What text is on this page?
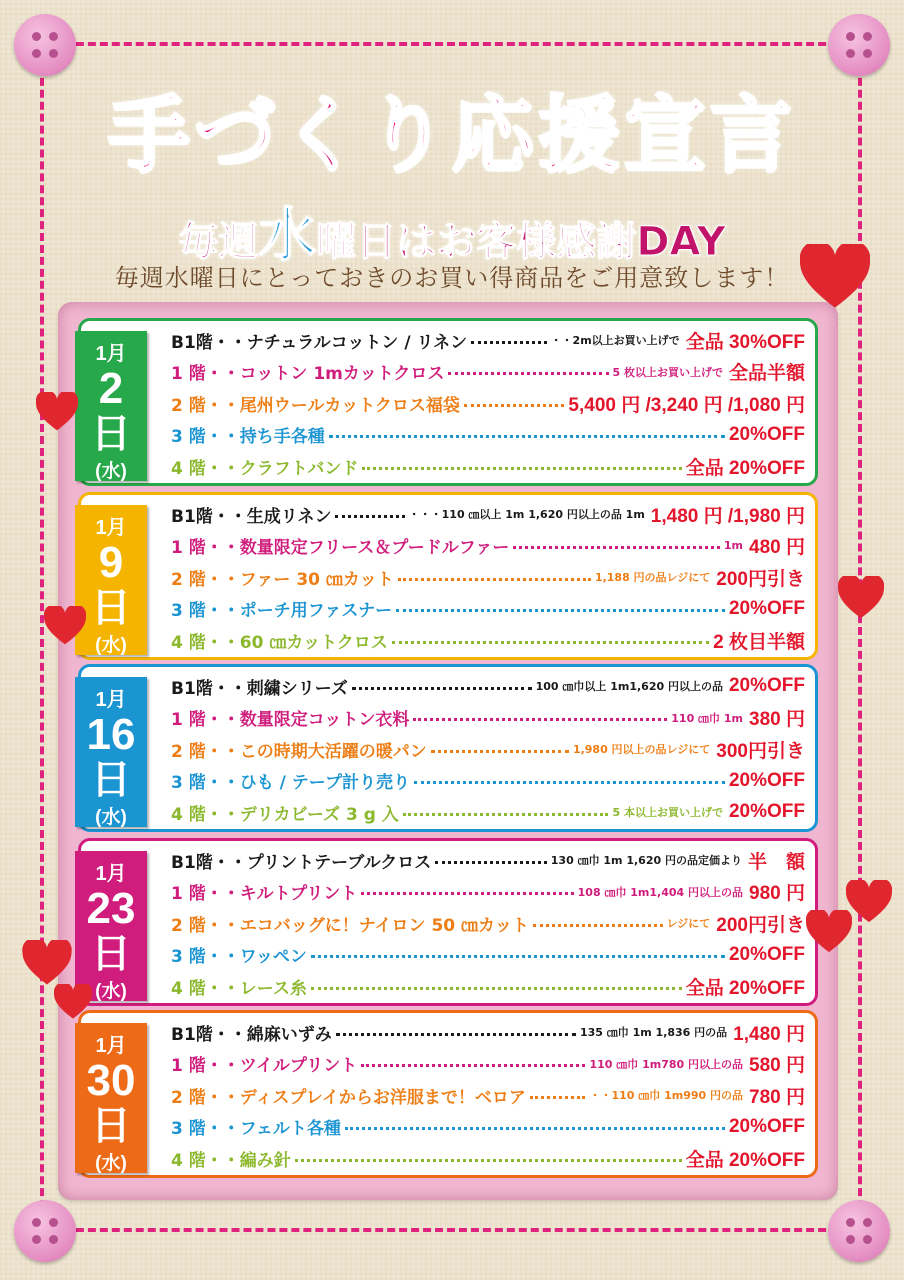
手づくり応援宣言
毎週水曜日はお客様感謝DAY
毎週水曜日にとっておきのお買い得商品をご用意致します！
1月
2
日
(水)
B1階・・ナチュラルコットン / リネン	・・2m以上お買い上げで 全品 30%OFF
1 階・・コットン 1mカットクロス	5 枚以上お買い上げで 全品半額
2 階・・尾州ウールカットクロス福袋	5,400 円 /3,240 円 /1,080 円
3 階・・持ち手各種	20%OFF
4 階・・クラフトバンド	全品 20%OFF
1月
9
日
(水)
B1階・・生成リネン	・・・110 ㎝以上 1m 1,620 円以上の品 1m 1,480 円 /1,980 円
1 階・・数量限定フリース＆プードルファー	1m 480 円
2 階・・ファー 30 ㎝カット	1,188 円の品レジにて 200円引き
3 階・・ポーチ用ファスナー	20%OFF
4 階・・60 ㎝カットクロス	2 枚目半額
1月
16
日
(水)
B1階・・刺繍シリーズ	100 ㎝巾以上 1m1,620 円以上の品 20%OFF
1 階・・数量限定コットン衣料	110 ㎝巾 1m 380 円
2 階・・この時期大活躍の暖パン	1,980 円以上の品レジにて 300円引き
3 階・・ひも / テープ計り売り	20%OFF
4 階・・デリカビーズ 3 g 入	5 本以上お買い上げで 20%OFF
1月
23
日
(水)
B1階・・プリントテーブルクロス	130 ㎝巾 1m 1,620 円の品定価より 半　額
1 階・・キルトプリント	108 ㎝巾 1m1,404 円以上の品 980 円
2 階・・エコバッグに！ナイロン 50 ㎝カット	レジにて 200円引き
3 階・・ワッペン	20%OFF
4 階・・レース糸	全品 20%OFF
1月
30
日
(水)
B1階・・綿麻いずみ	135 ㎝巾 1m 1,836 円の品 1,480 円
1 階・・ツイルプリント	110 ㎝巾 1m780 円以上の品 580 円
2 階・・ディスプレイからお洋服まで！ベロア	・・110 ㎝巾 1m990 円の品 780 円
3 階・・フェルト各種	20%OFF
4 階・・編み針	全品 20%OFF
